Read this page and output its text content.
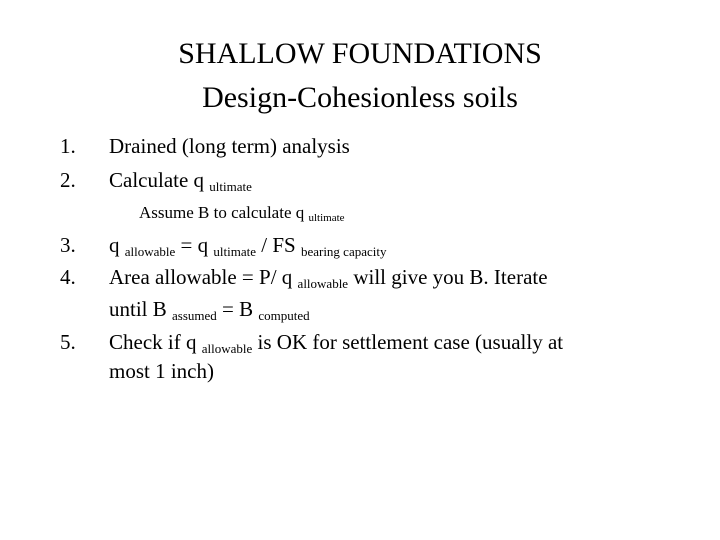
SHALLOW FOUNDATIONS
Design-Cohesionless soils
1.	Drained (long term) analysis
2.	Calculate q ultimate
Assume B to calculate q ultimate
3.	q allowable = q ultimate / FS bearing capacity
4.	Area allowable = P/ q allowable will give you B. Iterate
until B assumed = B computed
5.	Check if q allowable is OK for settlement case (usually at
most 1 inch)
